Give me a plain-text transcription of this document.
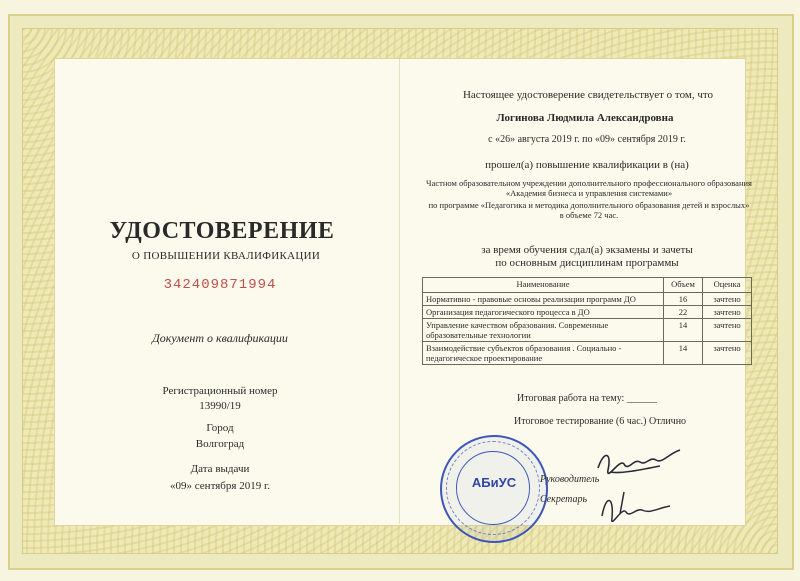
УДОСТОВЕРЕНИЕ
О ПОВЫШЕНИИ КВАЛИФИКАЦИИ
342409871994
Документ о квалификации
Регистрационный номер
13990/19
Город
Волгоград
Дата выдачи
«09» сентября 2019 г.
Настоящее удостоверение свидетельствует о том, что
Логинова Людмила Александровна
с «26» августа 2019 г. по «09» сентября 2019 г.
прошел(а) повышение квалификации в (на)
Частном образовательном учреждении дополнительного профессионального образования
«Академия бизнеса и управления системами»
по программе «Педагогика и методика дополнительного образования детей и взрослых»
в объеме 72 час.
за время обучения сдал(а) экзамены и зачеты
по основным дисциплинам программы
Наименование	Объем	Оценка
Нормативно - правовые основы реализации программ ДО	16	зачтено
Организация педагогического процесса в ДО	22	зачтено
Управление качеством образования. Современные образовательные технологии	14	зачтено
Взаимодействие субъектов образования . Социально - педагогическое проектирование	14	зачтено
Итоговая работа на тему: ______
Итоговое тестирование (6 час.) Отлично
АБиУС	Руководитель
Секретарь
